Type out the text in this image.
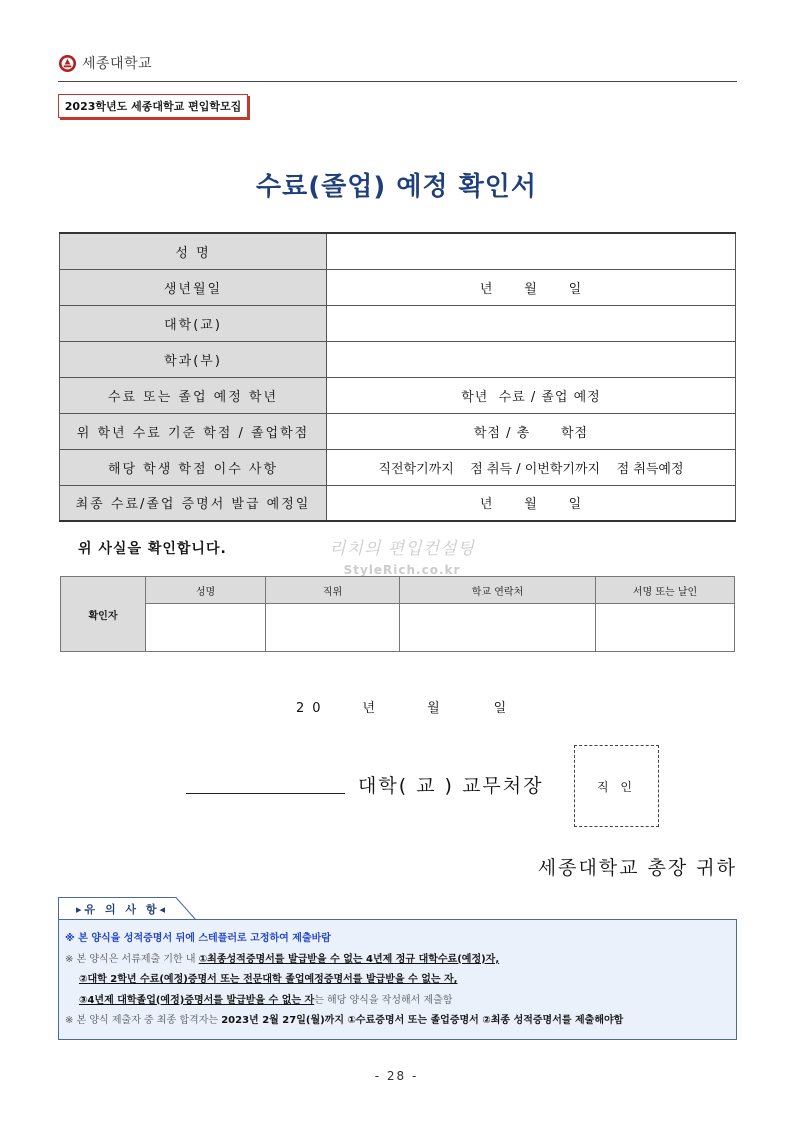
세종대학교
2023학년도 세종대학교 편입학모집
수료(졸업) 예정 확인서
성 명	
생년월일	년      월      일
대학(교)	
학과(부)	
수료 또는 졸업 예정 학년	학년  수료 / 졸업 예정
위 학년 수료 기준 학점 / 졸업학점	학점 / 총      학점
해당 학생 학점 이수 사항	직전학기까지    점 취득 / 이번학기까지    점 취득예정
최종 수료/졸업 증명서 발급 예정일	년      월      일
위 사실을 확인합니다.	리치의 편입컨설팅
StyleRich.co.kr
확인자	성명	직위	학교 연락처	서명 또는 날인

20	년	월	일
대학( 교 ) 교무처장	직 인
세종대학교 총장 귀하
▸유 의 사 항◂
※ 본 양식을 성적증명서 뒤에 스테플러로 고정하여 제출바람
※ 본 양식은 서류제출 기한 내 ①최종성적증명서를 발급받을 수 없는 4년제 정규 대학수료(예정)자,
②대학 2학년 수료(예정)증명서 또는 전문대학 졸업예정증명서를 발급받을 수 없는 자,
③4년제 대학졸업(예정)증명서를 발급받을 수 없는 자는 해당 양식을 작성해서 제출함
※ 본 양식 제출자 중 최종 합격자는 2023년 2월 27일(월)까지 ①수료증명서 또는 졸업증명서 ②최종 성적증명서를 제출해야함
- 28 -
